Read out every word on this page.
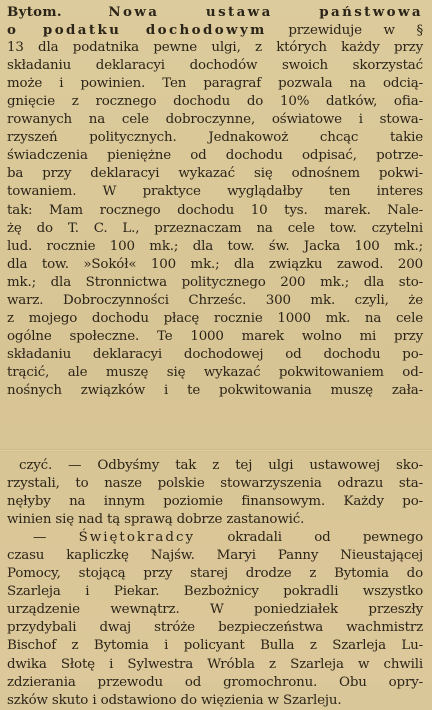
Bytom. Nowa ustawa państwowa
o podatku dochodowym przewiduje w §
13 dla podatnika pewne ulgi, z których każdy przy
składaniu deklaracyi dochodów swoich skorzystać
może i powinien. Ten paragraf pozwala na odcią-
gnięcie z rocznego dochodu do 10% datków, ofia-
rowanych na cele dobroczynne, oświatowe i stowa-
rzyszeń politycznych. Jednakowoż chcąc takie
świadczenia pieniężne od dochodu odpisać, potrze-
ba przy deklaracyi wykazać się odnośnem pokwi-
towaniem. W praktyce wyglądałby ten interes
tak: Mam rocznego dochodu 10 tys. marek. Nale-
żę do T. C. L., przeznaczam na cele tow. czytelni
lud. rocznie 100 mk.; dla tow. św. Jacka 100 mk.;
dla tow. »Sokół« 100 mk.; dla związku zawod. 200
mk.; dla Stronnictwa politycznego 200 mk.; dla sto-
warz. Dobroczynności Chrześc. 300 mk. czyli, że
z mojego dochodu płacę rocznie 1000 mk. na cele
ogólne społeczne. Te 1000 marek wolno mi przy
składaniu deklaracyi dochodowej od dochodu po-
trącić, ale muszę się wykazać pokwitowaniem od-
nośnych związków i te pokwitowania muszę zała-
czyć. — Odbyśmy tak z tej ulgi ustawowej sko-
rzystali, to nasze polskie stowarzyszenia odrazu sta-
nęłyby na innym poziomie finansowym. Każdy po-
winien się nad tą sprawą dobrze zastanowić.
— Świętokradcy okradali od pewnego
czasu kapliczkę Najśw. Maryi Panny Nieustającej
Pomocy, stojącą przy starej drodze z Bytomia do
Szarleja i Piekar. Bezbożnicy pokradli wszystko
urządzenie wewnątrz. W poniedziałek przeszły
przydybali dwaj stróże bezpieczeństwa wachmistrz
Bischof z Bytomia i policyant Bulla z Szarleja Lu-
dwika Słotę i Sylwestra Wróbla z Szarleja w chwili
zdzierania przewodu od gromochronu. Obu opry-
szków skuto i odstawiono do więzienia w Szarleju.
